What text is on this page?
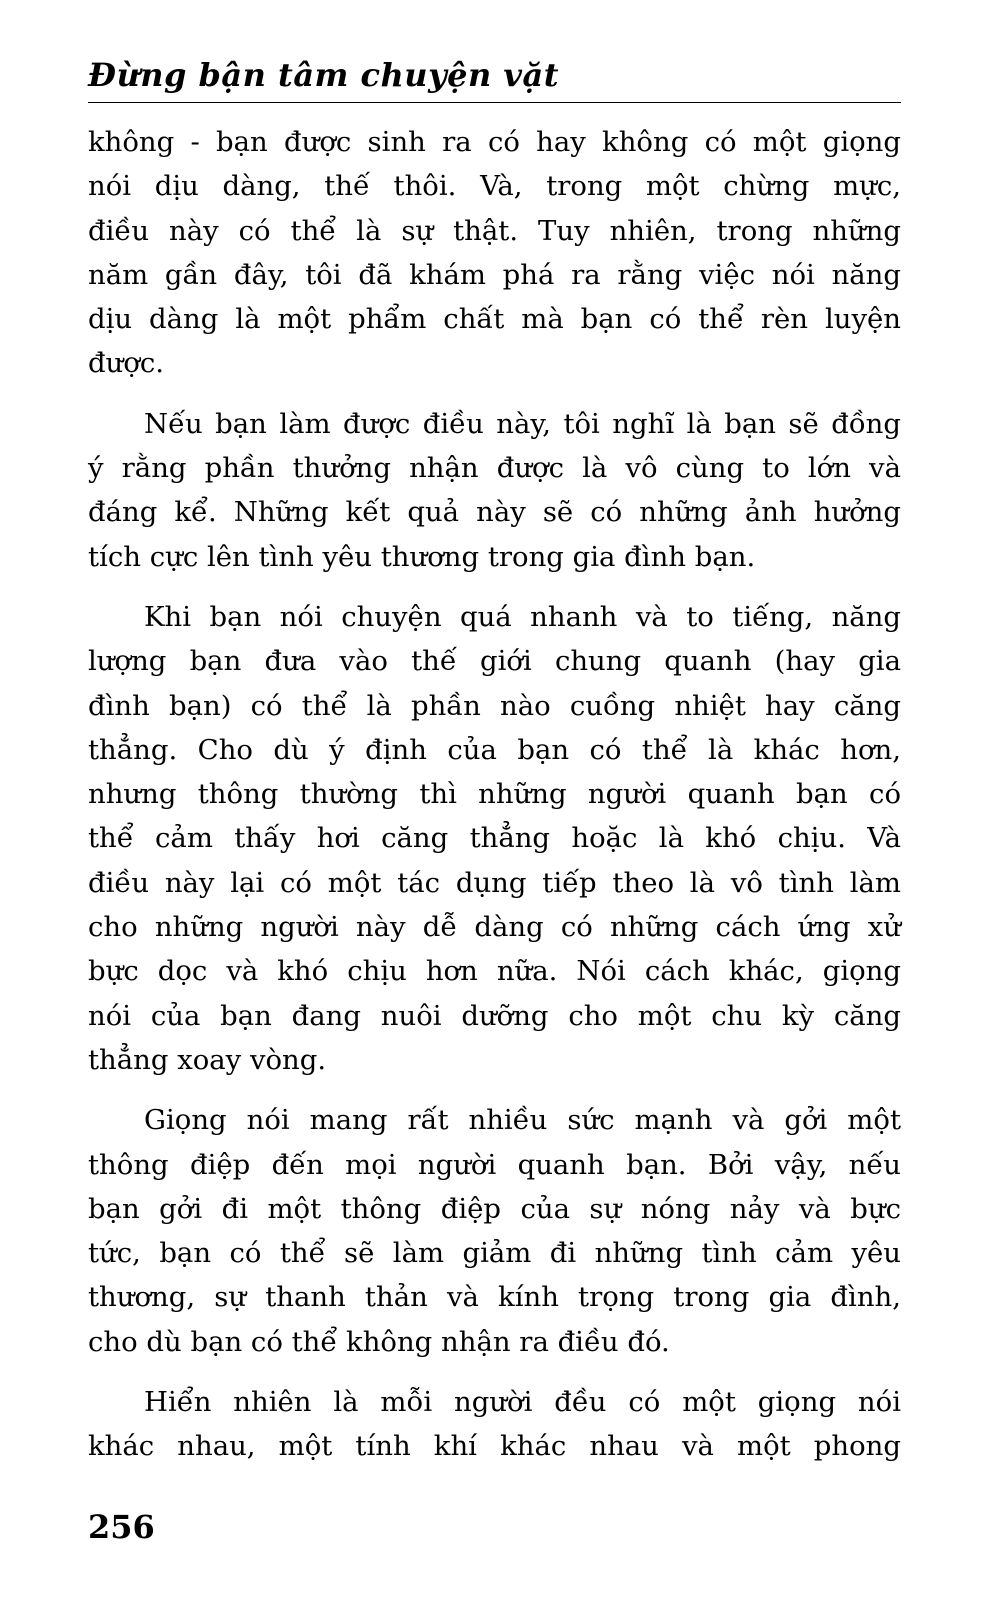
Đừng bận tâm chuyện vặt
không - bạn được sinh ra có hay không có một giọng
nói dịu dàng, thế thôi. Và, trong một chừng mực,
điều này có thể là sự thật. Tuy nhiên, trong những
năm gần đây, tôi đã khám phá ra rằng việc nói năng
dịu dàng là một phẩm chất mà bạn có thể rèn luyện
được.
Nếu bạn làm được điều này, tôi nghĩ là bạn sẽ đồng
ý rằng phần thưởng nhận được là vô cùng to lớn và
đáng kể. Những kết quả này sẽ có những ảnh hưởng
tích cực lên tình yêu thương trong gia đình bạn.
Khi bạn nói chuyện quá nhanh và to tiếng, năng
lượng bạn đưa vào thế giới chung quanh (hay gia
đình bạn) có thể là phần nào cuồng nhiệt hay căng
thẳng. Cho dù ý định của bạn có thể là khác hơn,
nhưng thông thường thì những người quanh bạn có
thể cảm thấy hơi căng thẳng hoặc là khó chịu. Và
điều này lại có một tác dụng tiếp theo là vô tình làm
cho những người này dễ dàng có những cách ứng xử
bực dọc và khó chịu hơn nữa. Nói cách khác, giọng
nói của bạn đang nuôi dưỡng cho một chu kỳ căng
thẳng xoay vòng.
Giọng nói mang rất nhiều sức mạnh và gởi một
thông điệp đến mọi người quanh bạn. Bởi vậy, nếu
bạn gởi đi một thông điệp của sự nóng nảy và bực
tức, bạn có thể sẽ làm giảm đi những tình cảm yêu
thương, sự thanh thản và kính trọng trong gia đình,
cho dù bạn có thể không nhận ra điều đó.
Hiển nhiên là mỗi người đều có một giọng nói
khác nhau, một tính khí khác nhau và một phong
256
